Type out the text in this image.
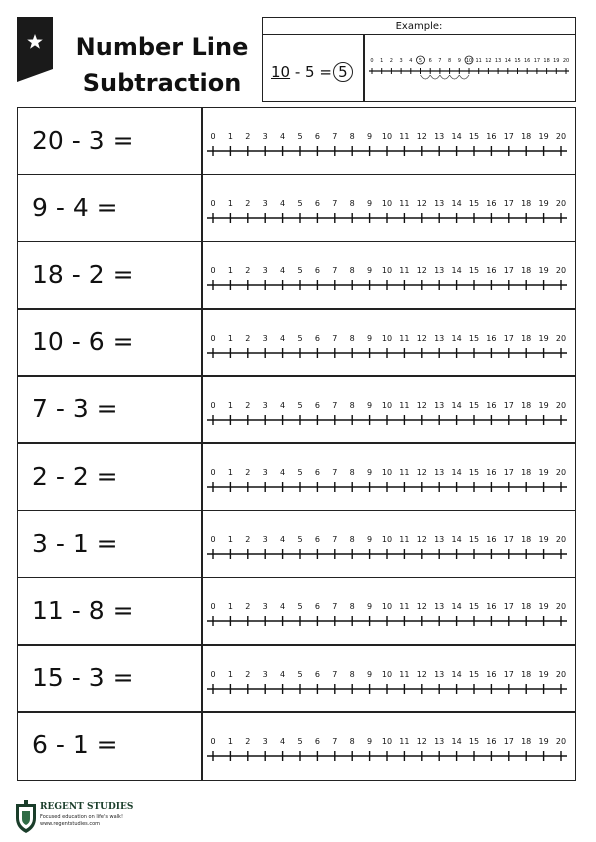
Number Line
Subtraction
Example:
10 - 5 = 5
0 1 2 3 4 5 6 7 8 9 10 11 12 13 14 15 16 17 18 19 20
20 - 3 =	0 1 2 3 4 5 6 7 8 9 10 11 12 13 14 15 16 17 18 19 20
9 - 4 =	0 1 2 3 4 5 6 7 8 9 10 11 12 13 14 15 16 17 18 19 20
18 - 2 =	0 1 2 3 4 5 6 7 8 9 10 11 12 13 14 15 16 17 18 19 20
10 - 6 =	0 1 2 3 4 5 6 7 8 9 10 11 12 13 14 15 16 17 18 19 20
7 - 3 =	0 1 2 3 4 5 6 7 8 9 10 11 12 13 14 15 16 17 18 19 20
2 - 2 =	0 1 2 3 4 5 6 7 8 9 10 11 12 13 14 15 16 17 18 19 20
3 - 1 =	0 1 2 3 4 5 6 7 8 9 10 11 12 13 14 15 16 17 18 19 20
11 - 8 =	0 1 2 3 4 5 6 7 8 9 10 11 12 13 14 15 16 17 18 19 20
15 - 3 =	0 1 2 3 4 5 6 7 8 9 10 11 12 13 14 15 16 17 18 19 20
6 - 1 =	0 1 2 3 4 5 6 7 8 9 10 11 12 13 14 15 16 17 18 19 20
REGENT STUDIES
Focused education on life's walk!
www.regentstudies.com
